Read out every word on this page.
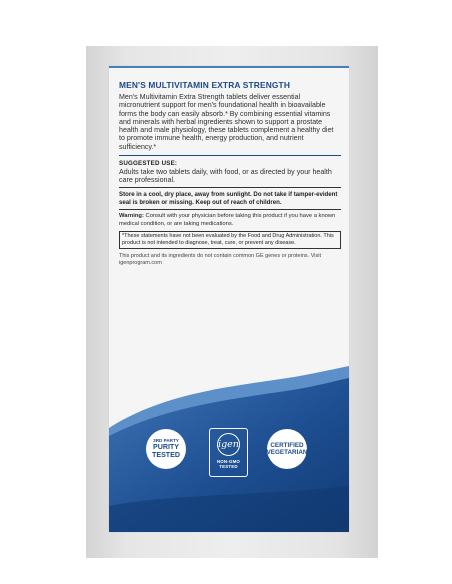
MEN'S MULTIVITAMIN EXTRA STRENGTH

Men's Multivitamin Extra Strength tablets deliver essential micronutrient support for men's foundational health in bioavailable forms the body can easily absorb.* By combining essential vitamins and minerals with herbal ingredients shown to support a prostate health and male physiology, these tablets complement a healthy diet to promote immune health, energy production, and nutrient sufficiency.*

SUGGESTED USE:

Adults take two tablets daily, with food, or as directed by your health care professional.

Store in a cool, dry place, away from sunlight. Do not take if tamper-evident seal is broken or missing. Keep out of reach of children.

Warning: Consult with your physician before taking this product if you have a known medical condition, or are taking medications.

*These statements have not been evaluated by the Food and Drug Administration. This product is not intended to diagnose, treat, cure, or prevent any disease.

This product and its ingredients do not contain common GE genes or proteins. Visit igenprogram.com

3RD PARTY
PURITY
TESTED
igen
NON-GMO
TESTED
CERTIFIED
VEGETARIAN
